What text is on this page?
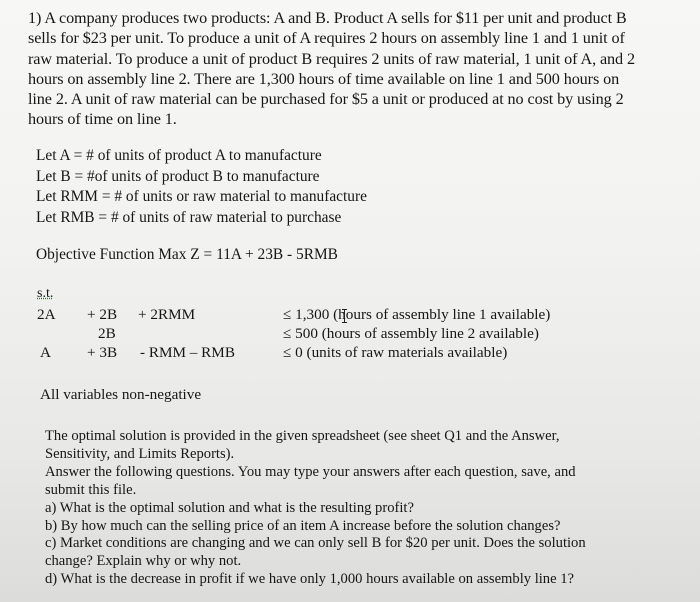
1) A company produces two products: A and B. Product A sells for $11 per unit and product B
sells for $23 per unit. To produce a unit of A requires 2 hours on assembly line 1 and 1 unit of
raw material. To produce a unit of product B requires 2 units of raw material, 1 unit of A, and 2
hours on assembly line 2. There are 1,300 hours of time available on line 1 and 500 hours on
line 2. A unit of raw material can be purchased for $5 a unit or produced at no cost by using 2
hours of time on line 1.
Let A = # of units of product A to manufacture
Let B = #of units of product B to manufacture
Let RMM = # of units or raw material to manufacture
Let RMB = # of units of raw material to purchase
Objective Function Max Z = 11A + 23B - 5RMB
s.t.
2A + 2B + 2RMM	≤ 1,300 (hours of assembly line 1 available)
2B	≤ 500 (hours of assembly line 2 available)
A + 3B - RMM – RMB	≤ 0 (units of raw materials available)
All variables non-negative
The optimal solution is provided in the given spreadsheet (see sheet Q1 and the Answer,
Sensitivity, and Limits Reports).
Answer the following questions. You may type your answers after each question, save, and
submit this file.
a) What is the optimal solution and what is the resulting profit?
b) By how much can the selling price of an item A increase before the solution changes?
c) Market conditions are changing and we can only sell B for $20 per unit. Does the solution
change? Explain why or why not.
d) What is the decrease in profit if we have only 1,000 hours available on assembly line 1?
